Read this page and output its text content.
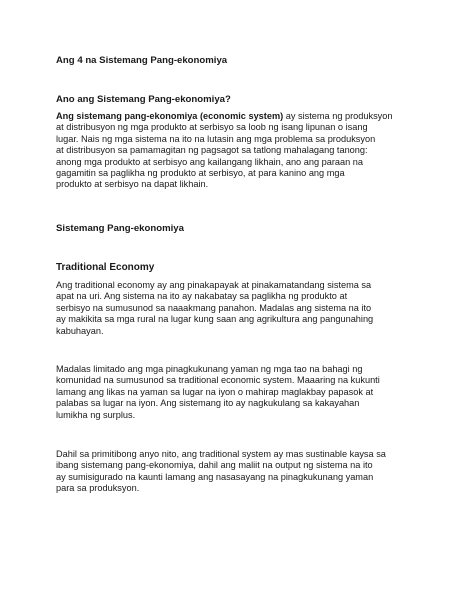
Ang 4 na Sistemang Pang-ekonomiya

Ano ang Sistemang Pang-ekonomiya?

Ang sistemang pang-ekonomiya (economic system) ay sistema ng produksyon
at distribusyon ng mga produkto at serbisyo sa loob ng isang lipunan o isang
lugar. Nais ng mga sistema na ito na lutasin ang mga problema sa produksyon
at distribusyon sa pamamagitan ng pagsagot sa tatlong mahalagang tanong:
anong mga produkto at serbisyo ang kailangang likhain, ano ang paraan na
gagamitin sa paglikha ng produkto at serbisyo, at para kanino ang mga
produkto at serbisyo na dapat likhain.

Sistemang Pang-ekonomiya

Traditional Economy

Ang traditional economy ay ang pinakapayak at pinakamatandang sistema sa
apat na uri. Ang sistema na ito ay nakabatay sa paglikha ng produkto at
serbisyo na sumusunod sa naaakmang panahon. Madalas ang sistema na ito
ay makikita sa mga rural na lugar kung saan ang agrikultura ang pangunahing
kabuhayan.
Madalas limitado ang mga pinagkukunang yaman ng mga tao na bahagi ng
komunidad na sumusunod sa traditional economic system. Maaaring na kukunti
lamang ang likas na yaman sa lugar na iyon o mahirap maglakbay papasok at
palabas sa lugar na iyon. Ang sistemang ito ay nagkukulang sa kakayahan
lumikha ng surplus.
Dahil sa primitibong anyo nito, ang traditional system ay mas sustinable kaysa sa
ibang sistemang pang-ekonomiya, dahil ang maliit na output ng sistema na ito
ay sumisigurado na kaunti lamang ang nasasayang na pinagkukunang yaman
para sa produksyon.
